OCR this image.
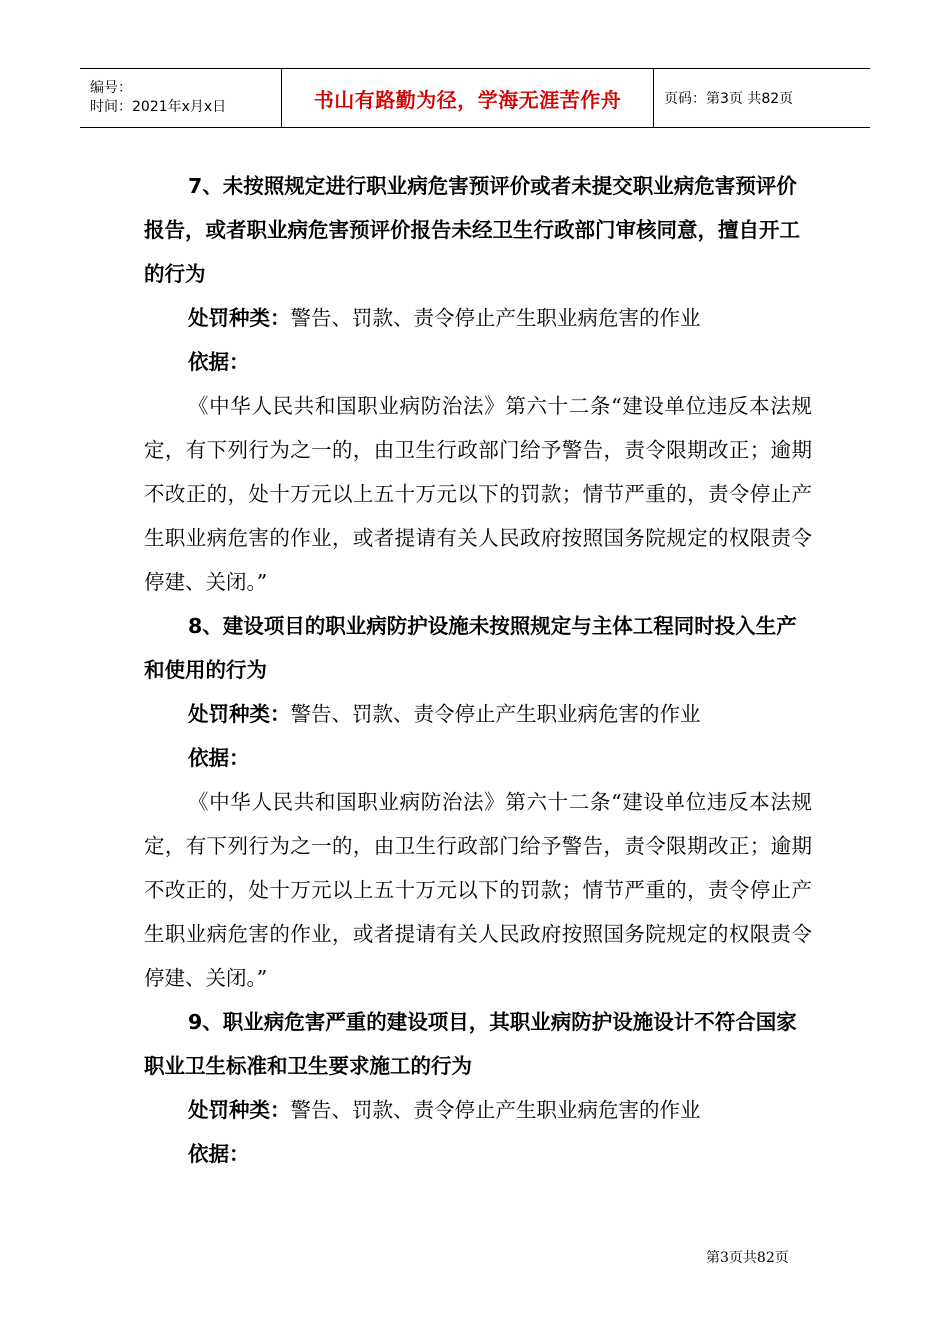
编号：
时间：2021年x月x日	书山有路勤为径，学海无涯苦作舟	页码：第3页 共82页

7、未按照规定进行职业病危害预评价或者未提交职业病危害预评价报告，或者职业病危害预评价报告未经卫生行政部门审核同意，擅自开工的行为

处罚种类：警告、罚款、责令停止产生职业病危害的作业

依据：

《中华人民共和国职业病防治法》第六十二条“建设单位违反本法规定，有下列行为之一的，由卫生行政部门给予警告，责令限期改正；逾期不改正的，处十万元以上五十万元以下的罚款；情节严重的，责令停止产生职业病危害的作业，或者提请有关人民政府按照国务院规定的权限责令停建、关闭。”

8、建设项目的职业病防护设施未按照规定与主体工程同时投入生产和使用的行为

处罚种类：警告、罚款、责令停止产生职业病危害的作业

依据：

《中华人民共和国职业病防治法》第六十二条“建设单位违反本法规定，有下列行为之一的，由卫生行政部门给予警告，责令限期改正；逾期不改正的，处十万元以上五十万元以下的罚款；情节严重的，责令停止产生职业病危害的作业，或者提请有关人民政府按照国务院规定的权限责令停建、关闭。”

9、职业病危害严重的建设项目，其职业病防护设施设计不符合国家职业卫生标准和卫生要求施工的行为

处罚种类：警告、罚款、责令停止产生职业病危害的作业

依据：

第3页共82页
